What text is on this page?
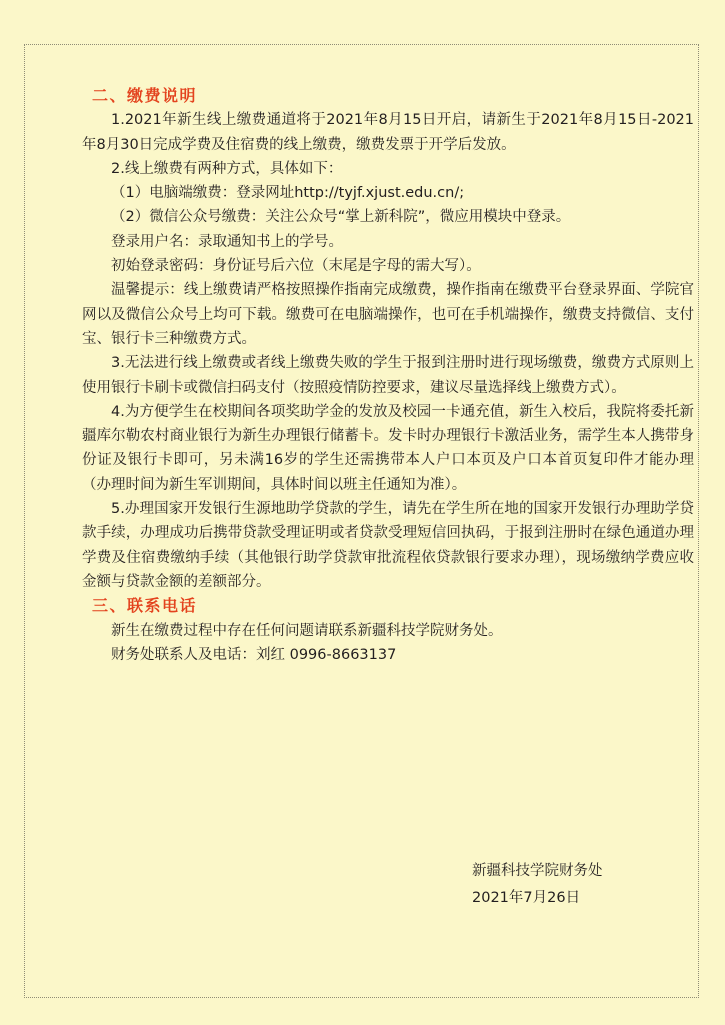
二、缴费说明

1.2021年新生线上缴费通道将于2021年8月15日开启，请新生于2021年8月15日-2021年8月30日完成学费及住宿费的线上缴费，缴费发票于开学后发放。

2.线上缴费有两种方式，具体如下：

（1）电脑端缴费：登录网址http://tyjf.xjust.edu.cn/;

（2）微信公众号缴费：关注公众号“掌上新科院”，微应用模块中登录。

登录用户名：录取通知书上的学号。

初始登录密码：身份证号后六位（末尾是字母的需大写）。

温馨提示：线上缴费请严格按照操作指南完成缴费，操作指南在缴费平台登录界面、学院官网以及微信公众号上均可下载。缴费可在电脑端操作，也可在手机端操作，缴费支持微信、支付宝、银行卡三种缴费方式。

3.无法进行线上缴费或者线上缴费失败的学生于报到注册时进行现场缴费，缴费方式原则上使用银行卡刷卡或微信扫码支付（按照疫情防控要求，建议尽量选择线上缴费方式）。

4.为方便学生在校期间各项奖助学金的发放及校园一卡通充值，新生入校后，我院将委托新疆库尔勒农村商业银行为新生办理银行储蓄卡。发卡时办理银行卡激活业务，需学生本人携带身份证及银行卡即可，另未满16岁的学生还需携带本人户口本页及户口本首页复印件才能办理（办理时间为新生军训期间，具体时间以班主任通知为准）。

5.办理国家开发银行生源地助学贷款的学生，请先在学生所在地的国家开发银行办理助学贷款手续，办理成功后携带贷款受理证明或者贷款受理短信回执码，于报到注册时在绿色通道办理学费及住宿费缴纳手续（其他银行助学贷款审批流程依贷款银行要求办理），现场缴纳学费应收金额与贷款金额的差额部分。

三、联系电话

新生在缴费过程中存在任何问题请联系新疆科技学院财务处。

财务处联系人及电话：刘红 0996-8663137

新疆科技学院财务处
2021年7月26日
